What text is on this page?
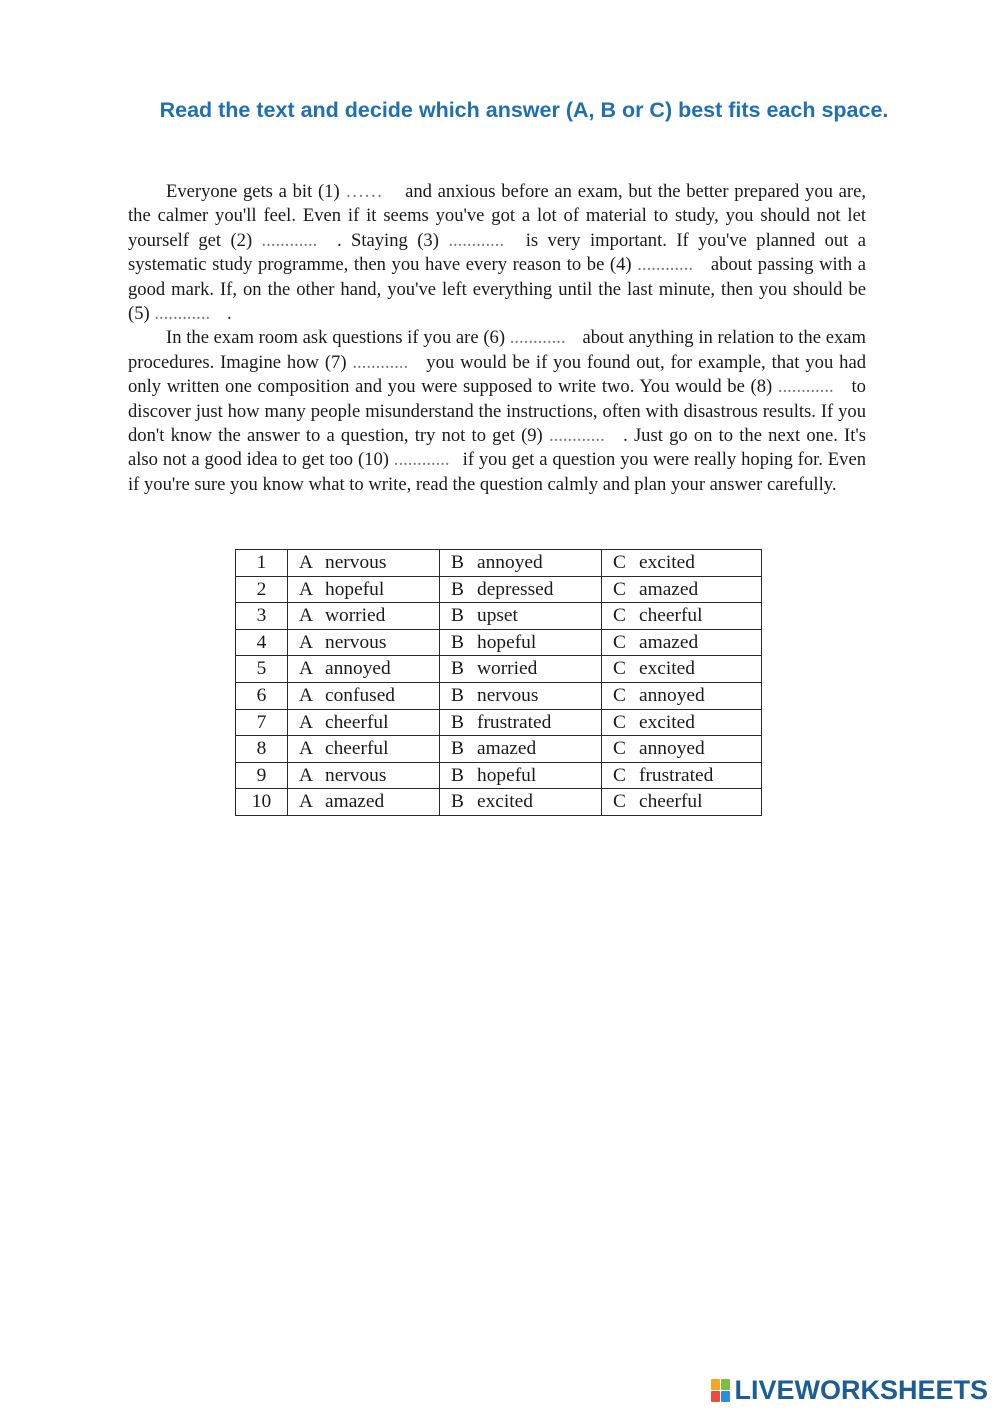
Read the text and decide which answer (A, B or C) best fits each space.

Everyone gets a bit (1) ……	and anxious before an exam, but the better prepared you are, the calmer you'll feel. Even if it seems you've got a lot of material to study, you should not let yourself get (2) ............	. Staying (3) ............	is very important. If you've planned out a systematic study programme, then you have every reason to be (4) ............	about passing with a good mark. If, on the other hand, you've left everything until the last minute, then you should be (5) ............	.

In the exam room ask questions if you are (6) ............	about anything in relation to the exam procedures. Imagine how (7) ............	you would be if you found out, for example, that you had only written one composition and you were supposed to write two. You would be (8) ............	to discover just how many people misunderstand the instructions, often with disastrous results. If you don't know the answer to a question, try not to get (9) ............	. Just go on to the next one. It's also not a good idea to get too (10) ............	if you get a question you were really hoping for. Even if you're sure you know what to write, read the question calmly and plan your answer carefully.

1	A nervous	B annoyed	C excited
2	A hopeful	B depressed	C amazed
3	A worried	B upset	C cheerful
4	A nervous	B hopeful	C amazed
5	A annoyed	B worried	C excited
6	A confused	B nervous	C annoyed
7	A cheerful	B frustrated	C excited
8	A cheerful	B amazed	C annoyed
9	A nervous	B hopeful	C frustrated
10	A amazed	B excited	C cheerful
LIVEWORKSHEETS
